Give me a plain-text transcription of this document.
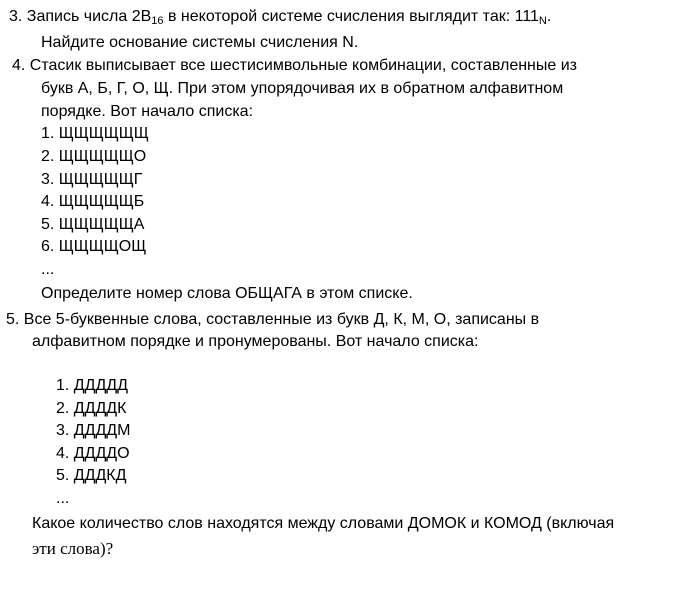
3. Запись числа 2B16 в некоторой системе счисления выглядит так: 111N.
Найдите основание системы счисления N.
4. Стасик выписывает все шестисимвольные комбинации, составленные из
букв А, Б, Г, О, Щ. При этом упорядочивая их в обратном алфавитном
порядке. Вот начало списка:
1. ЩЩЩЩЩЩ
2. ЩЩЩЩЩО
3. ЩЩЩЩЩГ
4. ЩЩЩЩЩБ
5. ЩЩЩЩЩА
6. ЩЩЩЩОЩ
...
Определите номер слова ОБЩАГА в этом списке.
5. Все 5-буквенные слова, составленные из букв Д, К, М, О, записаны в
алфавитном порядке и пронумерованы. Вот начало списка:
1. ДДДДД
2. ДДДДК
3. ДДДДМ
4. ДДДДО
5. ДДДКД
...
Какое количество слов находятся между словами ДОМОК и КОМОД (включая
эти слова)?
